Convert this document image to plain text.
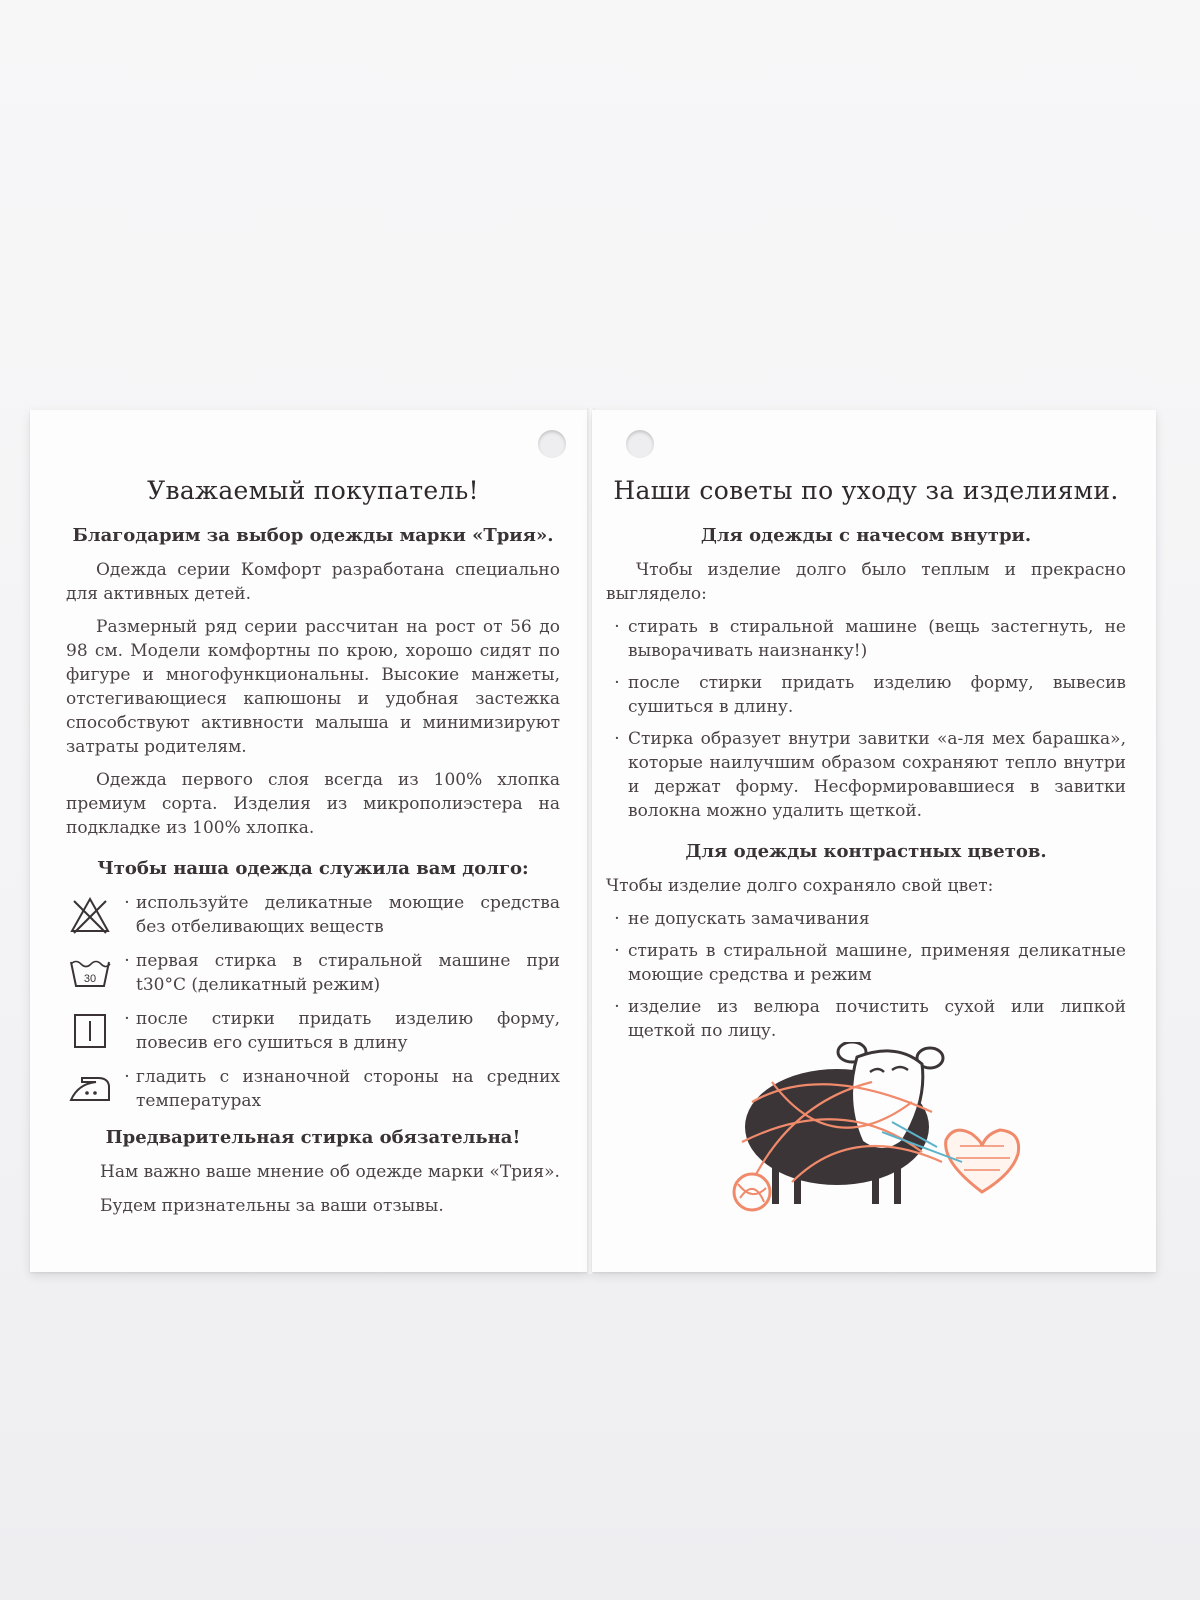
Уважаемый покупатель!
Благодарим за выбор одежды марки «Трия».

Одежда серии Комфорт разработана специально для активных детей.

Размерный ряд серии рассчитан на рост от 56 до 98 см. Модели комфортны по крою, хорошо сидят по фигуре и многофункциональны. Высокие манжеты, отстегивающиеся капюшоны и удобная застежка способствуют активности малыша и минимизируют затраты родителям.

Одежда первого слоя всегда из 100% хлопка премиум сорта. Изделия из микрополиэстера на подкладке из 100% хлопка.

Чтобы наша одежда служила вам долго:
· используйте деликатные моющие средства без отбеливающих веществ
30
· первая стирка в стиральной машине при t30°C (деликатный режим)
· после стирки придать изделию форму, повесив его сушиться в длину
· гладить с изнаночной стороны на средних температурах
Предварительная стирка обязательна!
Нам важно ваше мнение об одежде марки «Трия».
Будем признательны за ваши отзывы.
Наши советы по уходу за изделиями.
Для одежды с начесом внутри.

Чтобы изделие долго было теплым и прекрасно выглядело:

· стирать в стиральной машине (вещь застегнуть, не выворачивать наизнанку!)
· после стирки придать изделию форму, вывесив сушиться в длину.
· Стирка образует внутри завитки «а-ля мех барашка», которые наилучшим образом сохраняют тепло внутри и держат форму. Несформировавшиеся в завитки волокна можно удалить щеткой.
Для одежды контрастных цветов.

Чтобы изделие долго сохраняло свой цвет:

· не допускать замачивания
· стирать в стиральной машине, применяя деликатные моющие средства и режим
· изделие из велюра почистить сухой или липкой щеткой по лицу.
